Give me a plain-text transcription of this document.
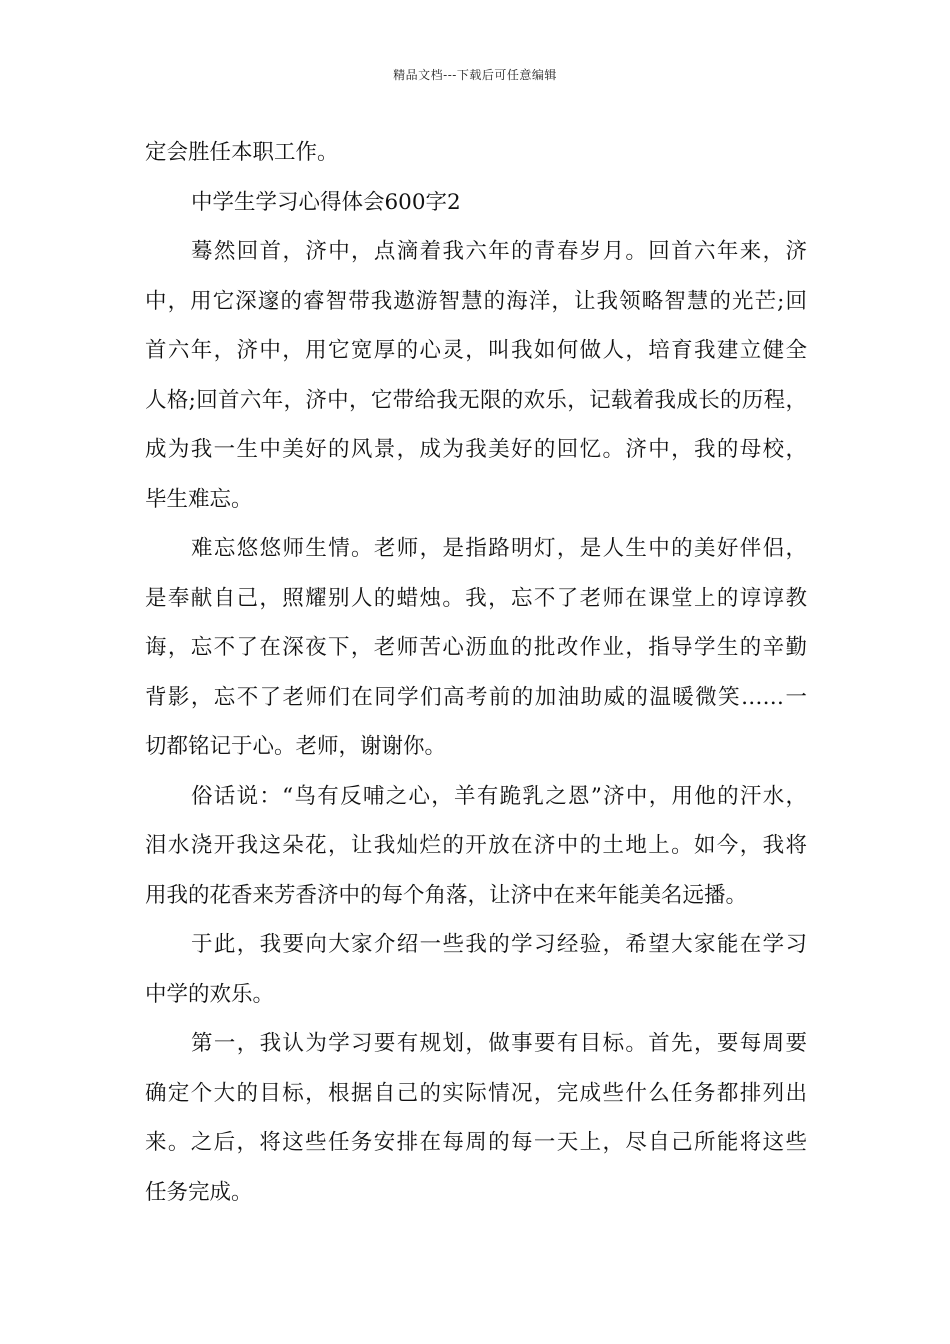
精品文档---下载后可任意编辑
定会胜任本职工作。
中学生学习心得体会600字2
蓦然回首，济中，点滴着我六年的青春岁月。回首六年来，济
中，用它深邃的睿智带我遨游智慧的海洋，让我领略智慧的光芒;回
首六年，济中，用它宽厚的心灵，叫我如何做人，培育我建立健全
人格;回首六年，济中，它带给我无限的欢乐，记载着我成长的历程，
成为我一生中美好的风景，成为我美好的回忆。济中，我的母校，
毕生难忘。
难忘悠悠师生情。老师，是指路明灯，是人生中的美好伴侣，
是奉献自己，照耀别人的蜡烛。我，忘不了老师在课堂上的谆谆教
诲，忘不了在深夜下，老师苦心沥血的批改作业，指导学生的辛勤
背影，忘不了老师们在同学们高考前的加油助威的温暖微笑……一
切都铭记于心。老师，谢谢你。
俗话说：“鸟有反哺之心，羊有跪乳之恩”济中，用他的汗水，
泪水浇开我这朵花，让我灿烂的开放在济中的土地上。如今，我将
用我的花香来芳香济中的每个角落，让济中在来年能美名远播。
于此，我要向大家介绍一些我的学习经验，希望大家能在学习
中学的欢乐。
第一，我认为学习要有规划，做事要有目标。首先，要每周要
确定个大的目标，根据自己的实际情况，完成些什么任务都排列出
来。之后，将这些任务安排在每周的每一天上，尽自己所能将这些
任务完成。
